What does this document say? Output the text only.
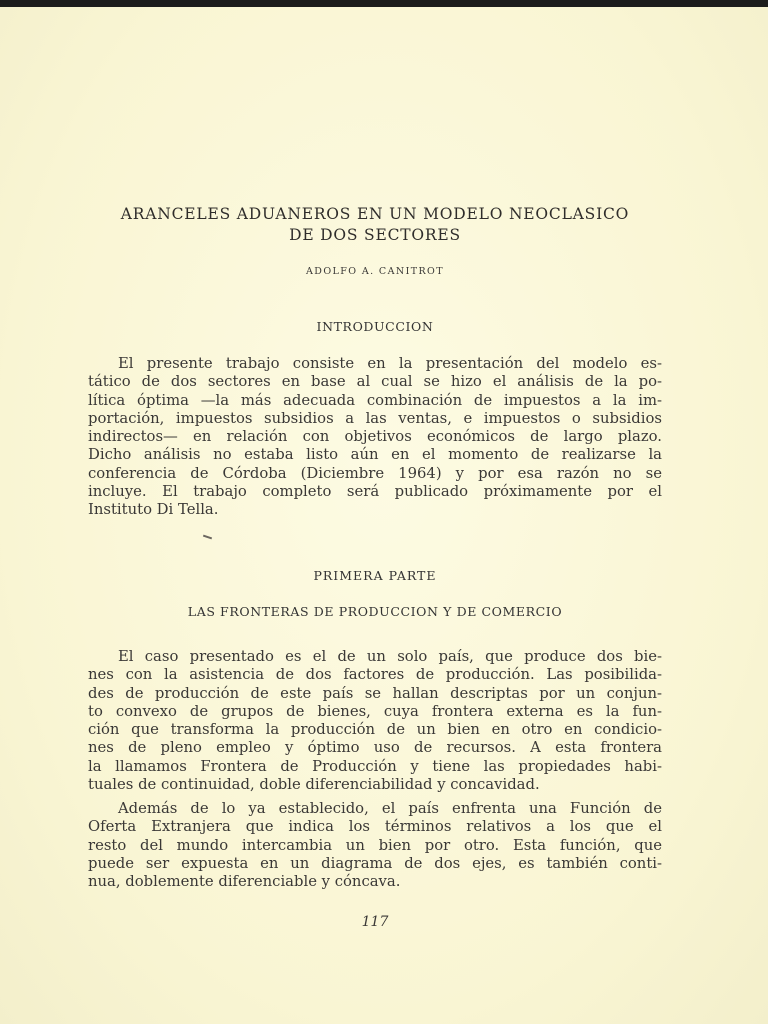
ARANCELES ADUANEROS EN UN MODELO NEOCLASICO
DE DOS SECTORES
ADOLFO A. CANITROT
INTRODUCCION
El presente trabajo consiste en la presentación del modelo es-
tático de dos sectores en base al cual se hizo el análisis de la po-
lítica óptima —la más adecuada combinación de impuestos a la im-
portación, impuestos subsidios a las ventas, e impuestos o subsidios
indirectos— en relación con objetivos económicos de largo plazo.
Dicho análisis no estaba listo aún en el momento de realizarse la
conferencia de Córdoba (Diciembre 1964) y por esa razón no se
incluye. El trabajo completo será publicado próximamente por el
Instituto Di Tella.
PRIMERA PARTE
LAS FRONTERAS DE PRODUCCION Y DE COMERCIO
El caso presentado es el de un solo país, que produce dos bie-
nes con la asistencia de dos factores de producción. Las posibilida-
des de producción de este país se hallan descriptas por un conjun-
to convexo de grupos de bienes, cuya frontera externa es la fun-
ción que transforma la producción de un bien en otro en condicio-
nes de pleno empleo y óptimo uso de recursos. A esta frontera
la llamamos Frontera de Producción y tiene las propiedades habi-
tuales de continuidad, doble diferenciabilidad y concavidad.
Además de lo ya establecido, el país enfrenta una Función de
Oferta Extranjera que indica los términos relativos a los que el
resto del mundo intercambia un bien por otro. Esta función, que
puede ser expuesta en un diagrama de dos ejes, es también conti-
nua, doblemente diferenciable y cóncava.
117
